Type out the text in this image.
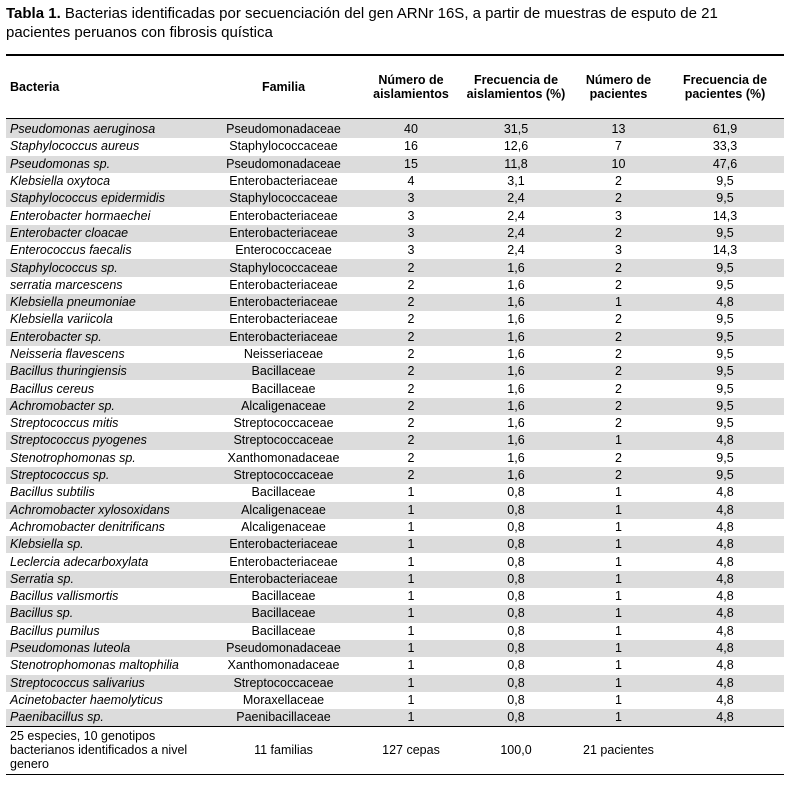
Tabla 1. Bacterias identificadas por secuenciación del gen ARNr 16S, a partir de muestras de esputo de 21 pacientes peruanos con fibrosis quística
Bacteria	Familia	Número de aislamientos	Frecuencia de aislamientos (%)	Número de pacientes	Frecuencia de pacientes (%)
Pseudomonas aeruginosa	Pseudomonadaceae	40	31,5	13	61,9
Staphylococcus aureus	Staphylococcaceae	16	12,6	7	33,3
Pseudomonas sp.	Pseudomonadaceae	15	11,8	10	47,6
Klebsiella oxytoca	Enterobacteriaceae	4	3,1	2	9,5
Staphylococcus epidermidis	Staphylococcaceae	3	2,4	2	9,5
Enterobacter hormaechei	Enterobacteriaceae	3	2,4	3	14,3
Enterobacter cloacae	Enterobacteriaceae	3	2,4	2	9,5
Enterococcus faecalis	Enterococcaceae	3	2,4	3	14,3
Staphylococcus sp.	Staphylococcaceae	2	1,6	2	9,5
serratia marcescens	Enterobacteriaceae	2	1,6	2	9,5
Klebsiella pneumoniae	Enterobacteriaceae	2	1,6	1	4,8
Klebsiella variicola	Enterobacteriaceae	2	1,6	2	9,5
Enterobacter sp.	Enterobacteriaceae	2	1,6	2	9,5
Neisseria flavescens	Neisseriaceae	2	1,6	2	9,5
Bacillus thuringiensis	Bacillaceae	2	1,6	2	9,5
Bacillus cereus	Bacillaceae	2	1,6	2	9,5
Achromobacter sp.	Alcaligenaceae	2	1,6	2	9,5
Streptococcus mitis	Streptococcaceae	2	1,6	2	9,5
Streptococcus pyogenes	Streptococcaceae	2	1,6	1	4,8
Stenotrophomonas sp.	Xanthomonadaceae	2	1,6	2	9,5
Streptococcus sp.	Streptococcaceae	2	1,6	2	9,5
Bacillus subtilis	Bacillaceae	1	0,8	1	4,8
Achromobacter xylosoxidans	Alcaligenaceae	1	0,8	1	4,8
Achromobacter denitrificans	Alcaligenaceae	1	0,8	1	4,8
Klebsiella sp.	Enterobacteriaceae	1	0,8	1	4,8
Leclercia adecarboxylata	Enterobacteriaceae	1	0,8	1	4,8
Serratia sp.	Enterobacteriaceae	1	0,8	1	4,8
Bacillus vallismortis	Bacillaceae	1	0,8	1	4,8
Bacillus sp.	Bacillaceae	1	0,8	1	4,8
Bacillus pumilus	Bacillaceae	1	0,8	1	4,8
Pseudomonas luteola	Pseudomonadaceae	1	0,8	1	4,8
Stenotrophomonas maltophilia	Xanthomonadaceae	1	0,8	1	4,8
Streptococcus salivarius	Streptococcaceae	1	0,8	1	4,8
Acinetobacter haemolyticus	Moraxellaceae	1	0,8	1	4,8
Paenibacillus sp.	Paenibacillaceae	1	0,8	1	4,8
25 especies, 10 genotipos bacterianos identificados a nivel genero	11 familias	127 cepas	100,0	21 pacientes	
